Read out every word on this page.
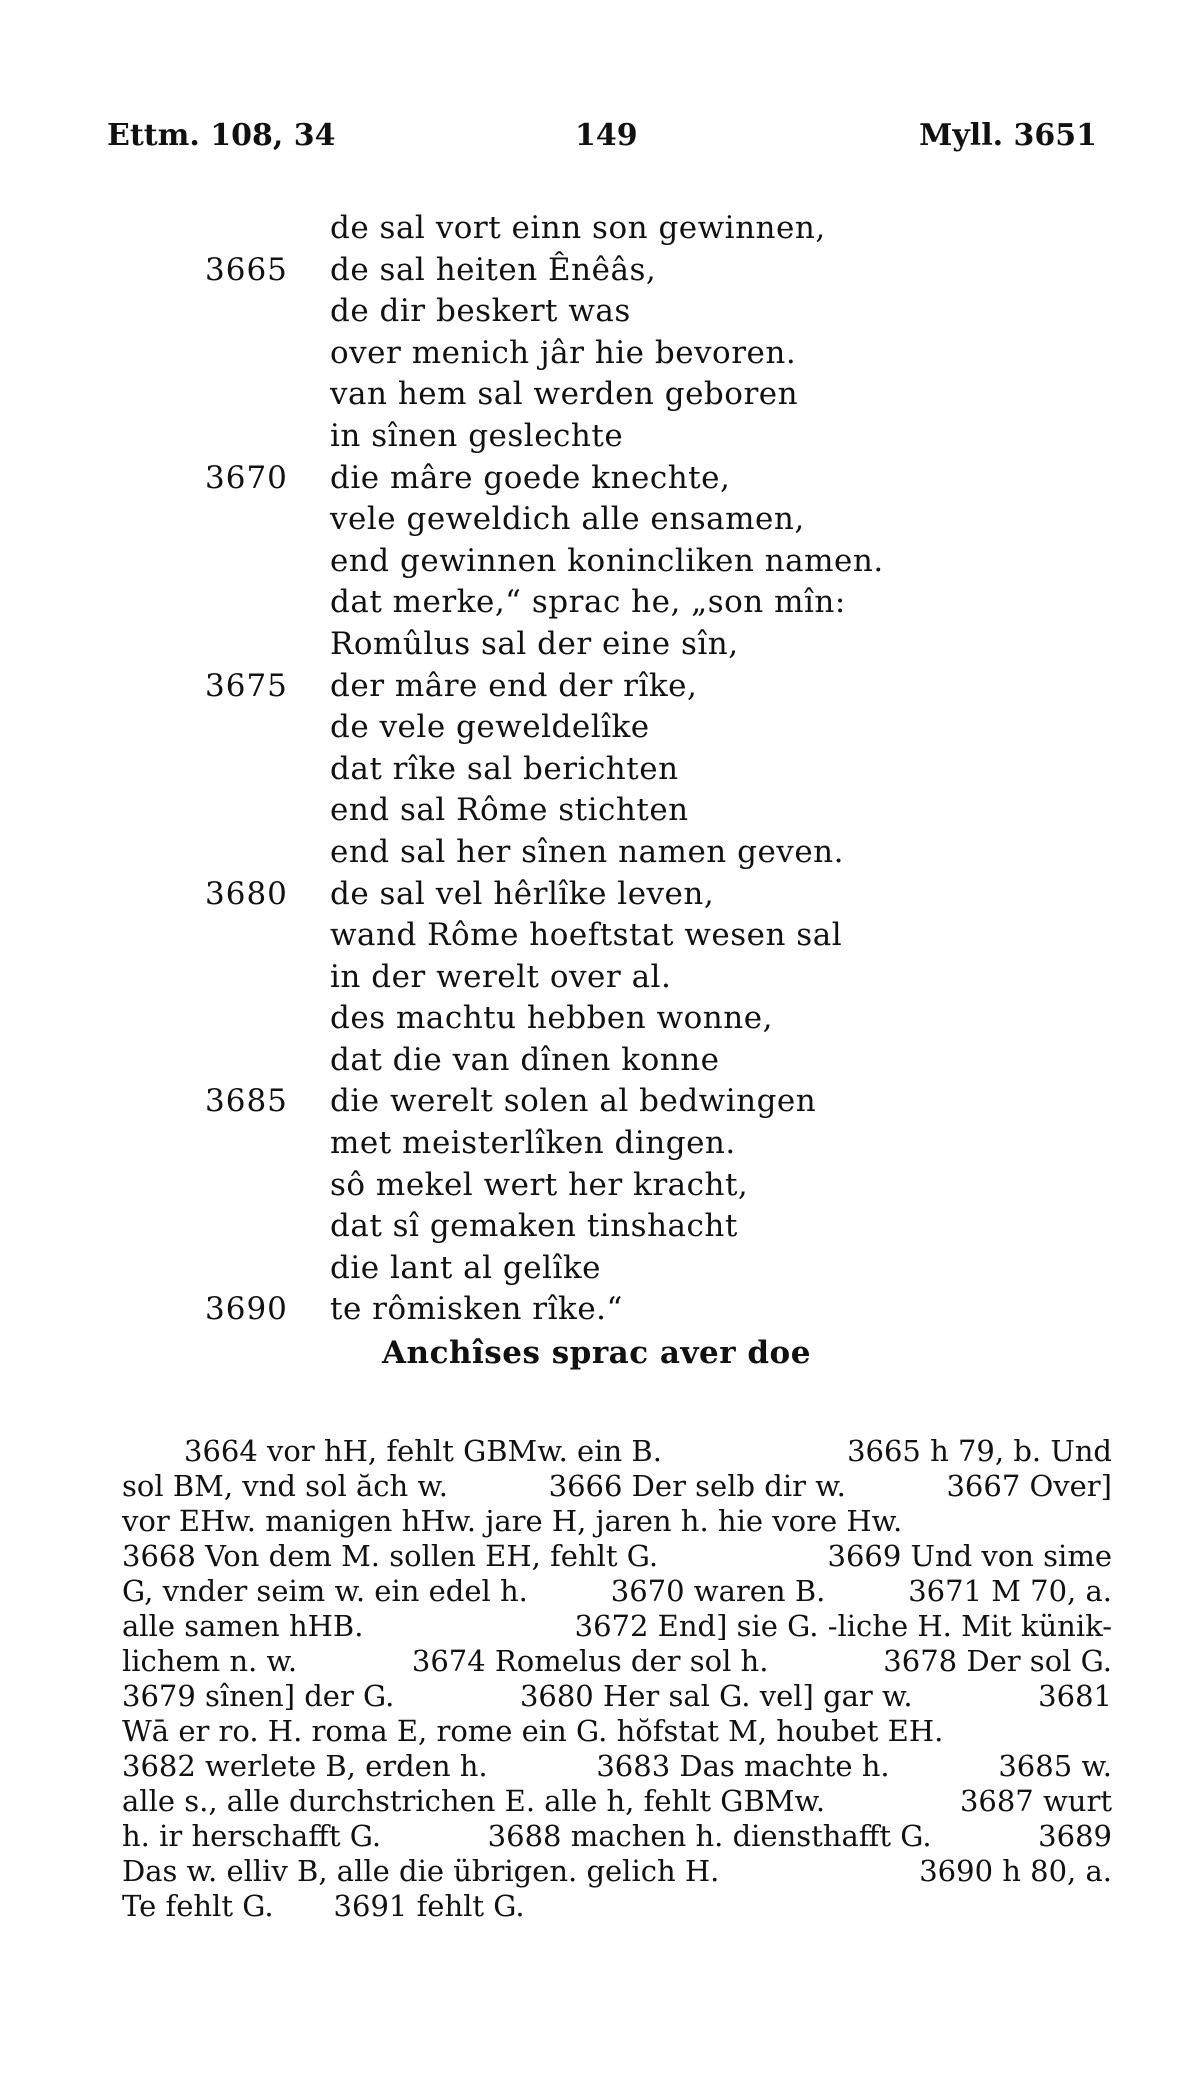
Ettm. 108, 34	149	Myll. 3651
de sal vort einn son gewinnen,
3665	de sal heiten Ênêâs,
de dir beskert was
over menich jâr hie bevoren.
van hem sal werden geboren
in sînen geslechte
3670	die mâre goede knechte,
vele geweldich alle ensamen,
end gewinnen konincliken namen.
dat merke,“ sprac he, „son mîn:
Romûlus sal der eine sîn,
3675	der mâre end der rîke,
de vele geweldelîke
dat rîke sal berichten
end sal Rôme stichten
end sal her sînen namen geven.
3680	de sal vel hêrlîke leven,
wand Rôme hoeftstat wesen sal
in der werelt over al.
des machtu hebben wonne,
dat die van dînen konne
3685	die werelt solen al bedwingen
met meisterlîken dingen.
sô mekel wert her kracht,
dat sî gemaken tinshacht
die lant al gelîke
3690	te rômisken rîke.“
Anchîses sprac aver doe
3664 vor hH, fehlt GBMw. ein B.	3665 h 79, b. Und
sol BM, vnd sol ăch w.	3666 Der selb dir w.	3667 Over]
vor EHw. manigen hHw. jare H, jaren h. hie vore Hw.
3668 Von dem M. sollen EH, fehlt G.	3669 Und von sime
G, vnder seim w. ein edel h.	3670 waren B.	3671 M 70, a.
alle samen hHB.	3672 End] sie G. -liche H. Mit künik-
lichem n. w.	3674 Romelus der sol h.	3678 Der sol G.
3679 sînen] der G.	3680 Her sal G. vel] gar w.	3681
Wā er ro. H. roma E, rome ein G. hŏfstat M, houbet EH.
3682 werlete B, erden h.	3683 Das machte h.	3685 w.
alle s., alle durchstrichen E. alle h, fehlt GBMw.	3687 wurt
h. ir herschafft G.	3688 machen h. diensthafft G.	3689
Das w. elliv B, alle die übrigen. gelich H.	3690 h 80, a.
Te fehlt G. 3691 fehlt G.
